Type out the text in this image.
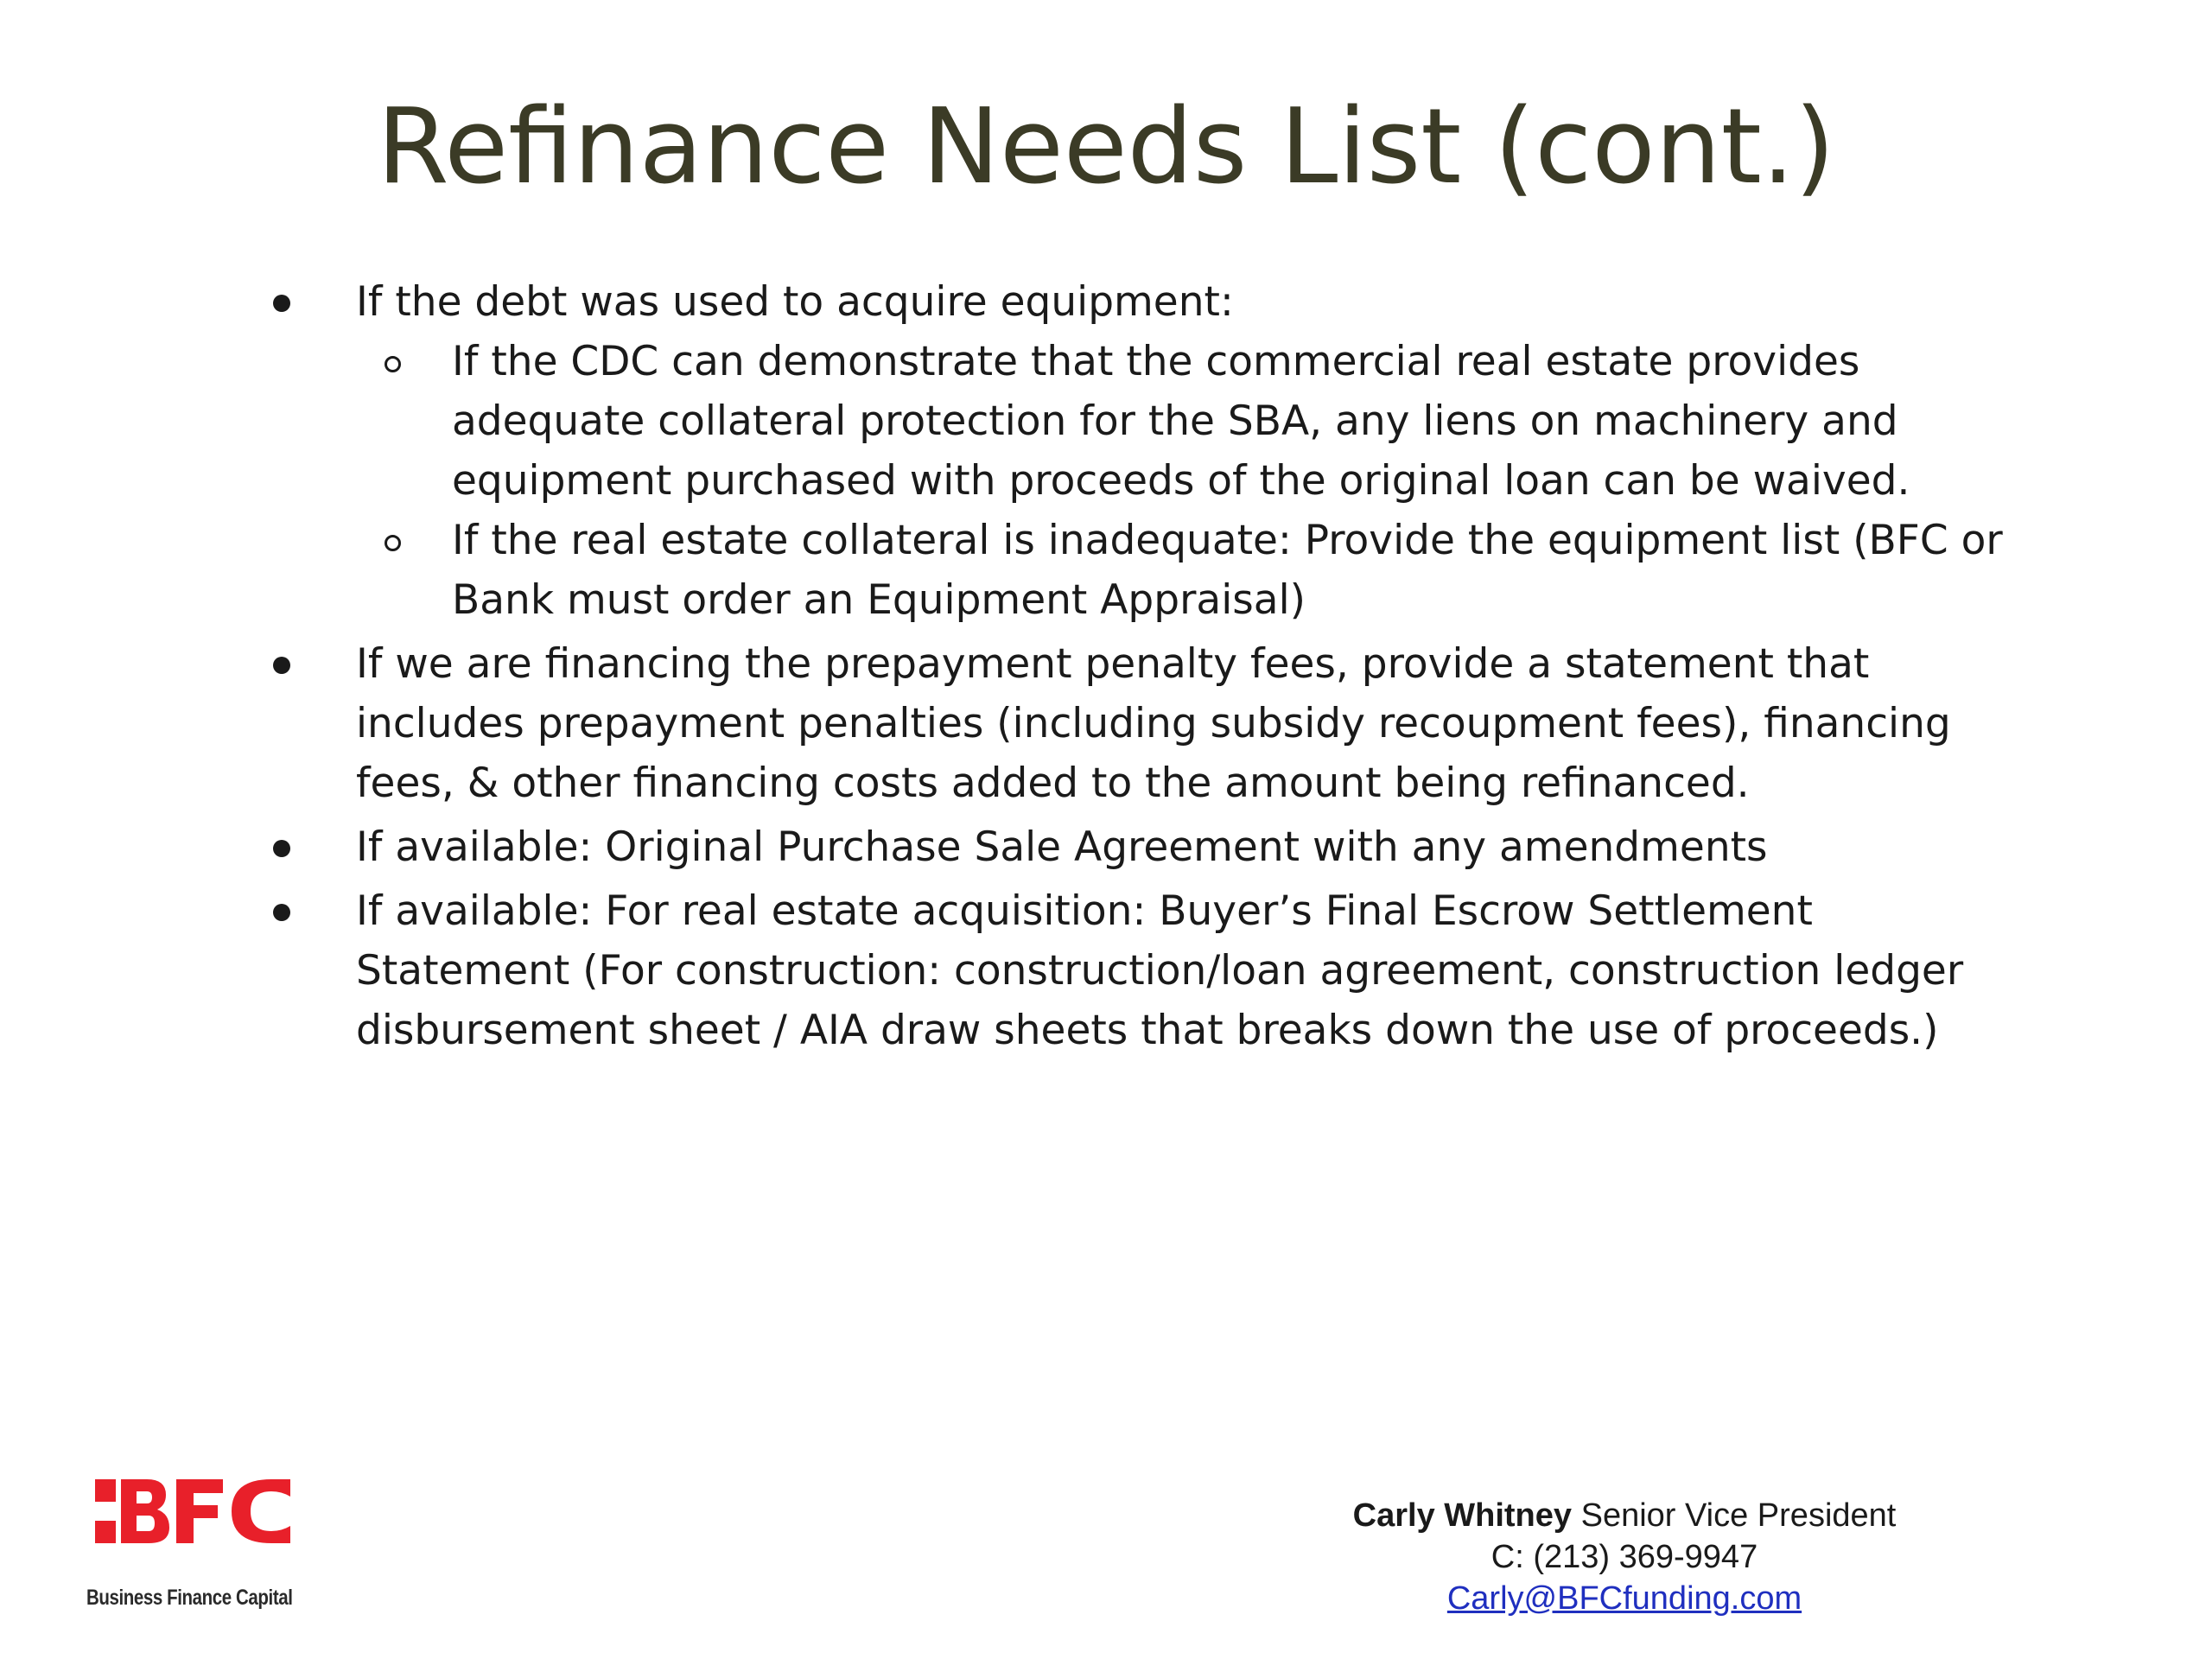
Refinance Needs List (cont.)
If the debt was used to acquire equipment:
If the CDC can demonstrate that the commercial real estate provides adequate collateral protection for the SBA, any liens on machinery and equipment purchased with proceeds of the original loan can be waived.
If the real estate collateral is inadequate: Provide the equipment list (BFC or Bank must order an Equipment Appraisal)
If we are financing the prepayment penalty fees, provide a statement that includes prepayment penalties (including subsidy recoupment fees), financing fees, & other financing costs added to the amount being refinanced.
If available: Original Purchase Sale Agreement with any amendments
If available: For real estate acquisition: Buyer’s Final Escrow Settlement Statement (For construction: construction/loan agreement, construction ledger disbursement sheet / AIA draw sheets that breaks down the use of proceeds.)
Business Finance Capital
Carly Whitney Senior Vice President
C: (213) 369-9947
Carly@BFCfunding.com
